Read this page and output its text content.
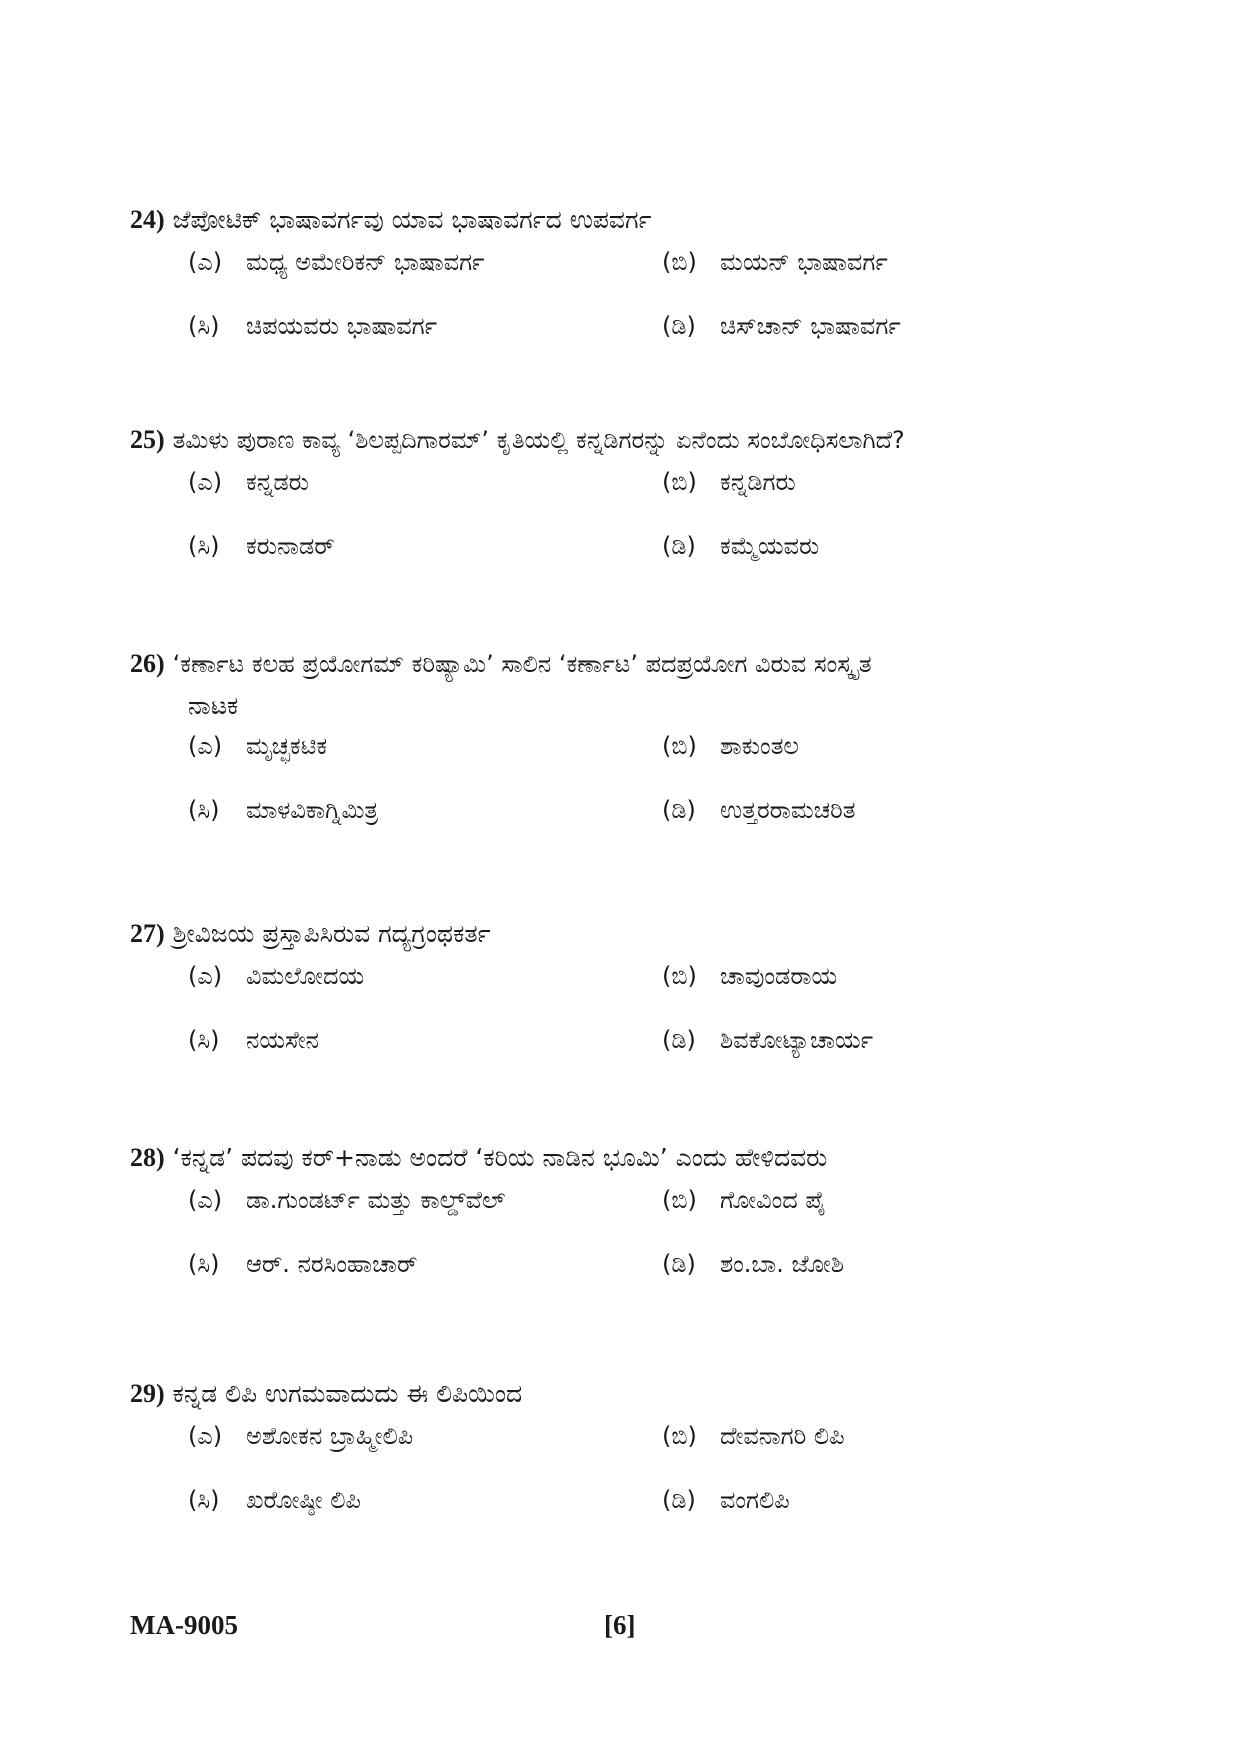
24) ಜೆಪೋಟಿಕ್ ಭಾಷಾವರ್ಗವು ಯಾವ ಭಾಷಾವರ್ಗದ ಉಪವರ್ಗ
(ಎ) ಮಧ್ಯ ಅಮೇರಿಕನ್ ಭಾಷಾವರ್ಗ	(ಬಿ) ಮಯನ್ ಭಾಷಾವರ್ಗ
(ಸಿ) ಚಿಪಯವರು ಭಾಷಾವರ್ಗ	(ಡಿ) ಚಿಸ್‌ಚಾನ್ ಭಾಷಾವರ್ಗ
25) ತಮಿಳು ಪುರಾಣ ಕಾವ್ಯ ‘ಶಿಲಪ್ಪದಿಗಾರಮ್’ ಕೃತಿಯಲ್ಲಿ ಕನ್ನಡಿಗರನ್ನು ಏನೆಂದು ಸಂಬೋಧಿಸಲಾಗಿದೆ?
(ಎ) ಕನ್ನಡರು	(ಬಿ) ಕನ್ನಡಿಗರು
(ಸಿ) ಕರುನಾಡರ್	(ಡಿ) ಕಮ್ಮೆಯವರು
26) ‘ಕರ್ಣಾಟ ಕಲಹ ಪ್ರಯೋಗಮ್ ಕರಿಷ್ಯಾಮಿ’ ಸಾಲಿನ ‘ಕರ್ಣಾಟ’ ಪದಪ್ರಯೋಗ ವಿರುವ ಸಂಸ್ಕೃತ
ನಾಟಕ
(ಎ) ಮೃಚ್ಛಕಟಿಕ	(ಬಿ) ಶಾಕುಂತಲ
(ಸಿ) ಮಾಳವಿಕಾಗ್ನಿಮಿತ್ರ	(ಡಿ) ಉತ್ತರರಾಮಚರಿತ
27) ಶ್ರೀವಿಜಯ ಪ್ರಸ್ತಾಪಿಸಿರುವ ಗದ್ಯಗ್ರಂಥಕರ್ತ
(ಎ) ವಿಮಲೋದಯ	(ಬಿ) ಚಾವುಂಡರಾಯ
(ಸಿ) ನಯಸೇನ	(ಡಿ) ಶಿವಕೋಟ್ಯಾಚಾರ್ಯ
28) ‘ಕನ್ನಡ’ ಪದವು ಕರ್+ನಾಡು ಅಂದರೆ ‘ಕರಿಯ ನಾಡಿನ ಭೂಮಿ’ ಎಂದು ಹೇಳಿದವರು
(ಎ) ಡಾ.ಗುಂಡರ್ಟ್ ಮತ್ತು ಕಾಲ್ಡ್‌ವೆಲ್	(ಬಿ) ಗೋವಿಂದ ಪೈ
(ಸಿ) ಆರ್. ನರಸಿಂಹಾಚಾರ್	(ಡಿ) ಶಂ.ಬಾ. ಜೋಶಿ
29) ಕನ್ನಡ ಲಿಪಿ ಉಗಮವಾದುದು ಈ ಲಿಪಿಯಿಂದ
(ಎ) ಅಶೋಕನ ಬ್ರಾಹ್ಮೀಲಿಪಿ	(ಬಿ) ದೇವನಾಗರಿ ಲಿಪಿ
(ಸಿ) ಖರೋಷ್ಠೀ ಲಿಪಿ	(ಡಿ) ವಂಗಲಿಪಿ
MA-9005	[6]
